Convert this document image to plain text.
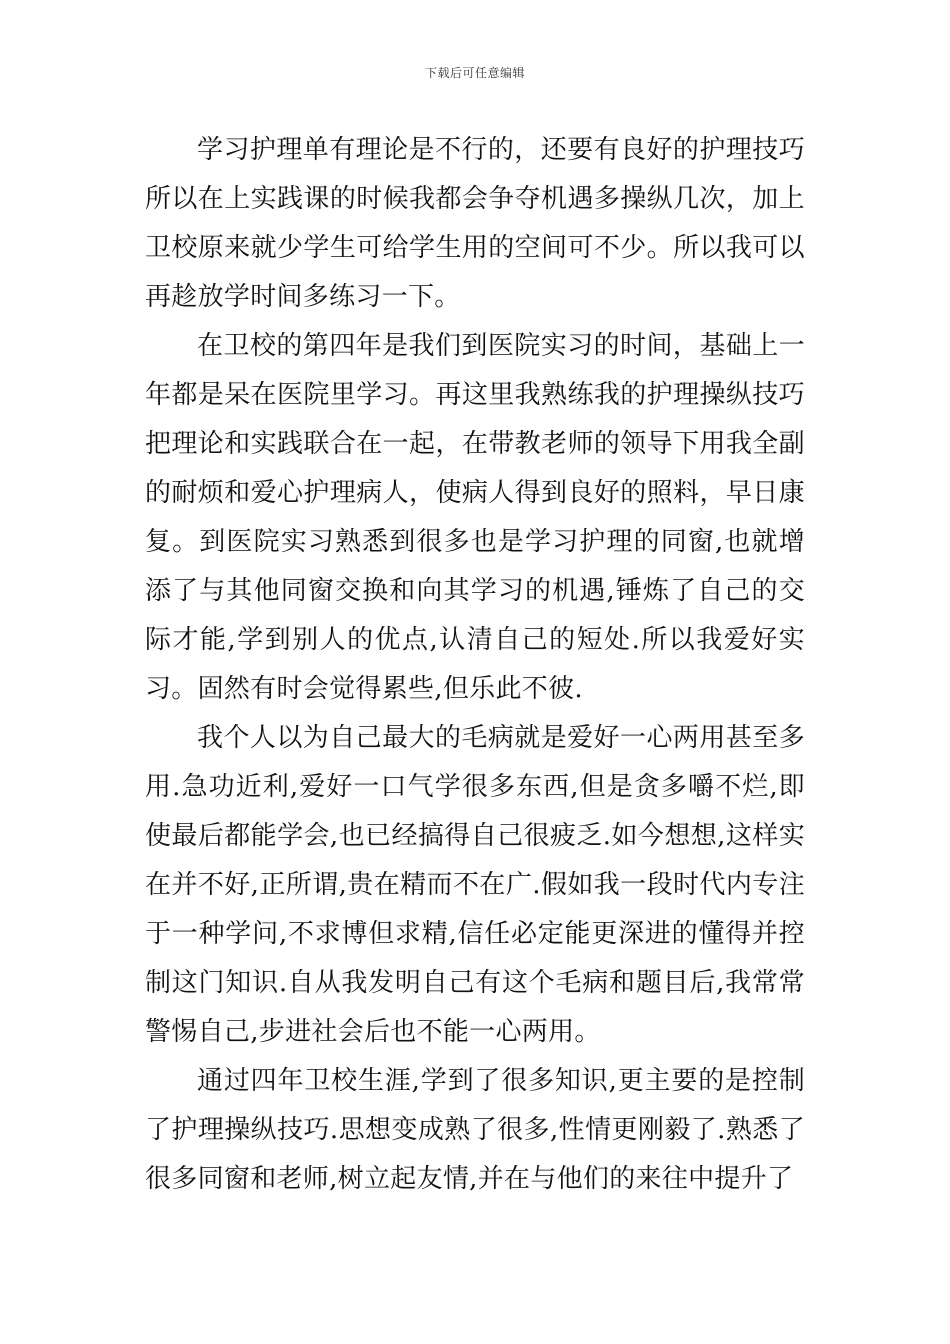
下载后可任意编辑

学习护理单有理论是不行的，还要有良好的护理技巧所以在上实践课的时候我都会争夺机遇多操纵几次，加上卫校原来就少学生可给学生用的空间可不少。所以我可以再趁放学时间多练习一下。

在卫校的第四年是我们到医院实习的时间，基础上一年都是呆在医院里学习。再这里我熟练我的护理操纵技巧把理论和实践联合在一起，在带教老师的领导下用我全副的耐烦和爱心护理病人，使病人得到良好的照料，早日康复。到医院实习熟悉到很多也是学习护理的同窗,也就增添了与其他同窗交换和向其学习的机遇,锤炼了自己的交际才能,学到别人的优点,认清自己的短处.所以我爱好实习。固然有时会觉得累些,但乐此不彼.

我个人以为自己最大的毛病就是爱好一心两用甚至多用.急功近利,爱好一口气学很多东西,但是贪多嚼不烂,即使最后都能学会,也已经搞得自己很疲乏.如今想想,这样实在并不好,正所谓,贵在精而不在广.假如我一段时代内专注于一种学问,不求博但求精,信任必定能更深进的懂得并控制这门知识.自从我发明自己有这个毛病和题目后,我常常警惕自己,步进社会后也不能一心两用。

通过四年卫校生涯,学到了很多知识,更主要的是控制了护理操纵技巧.思想变成熟了很多,性情更刚毅了.熟悉了很多同窗和老师,树立起友情,并在与他们的来往中提升了
